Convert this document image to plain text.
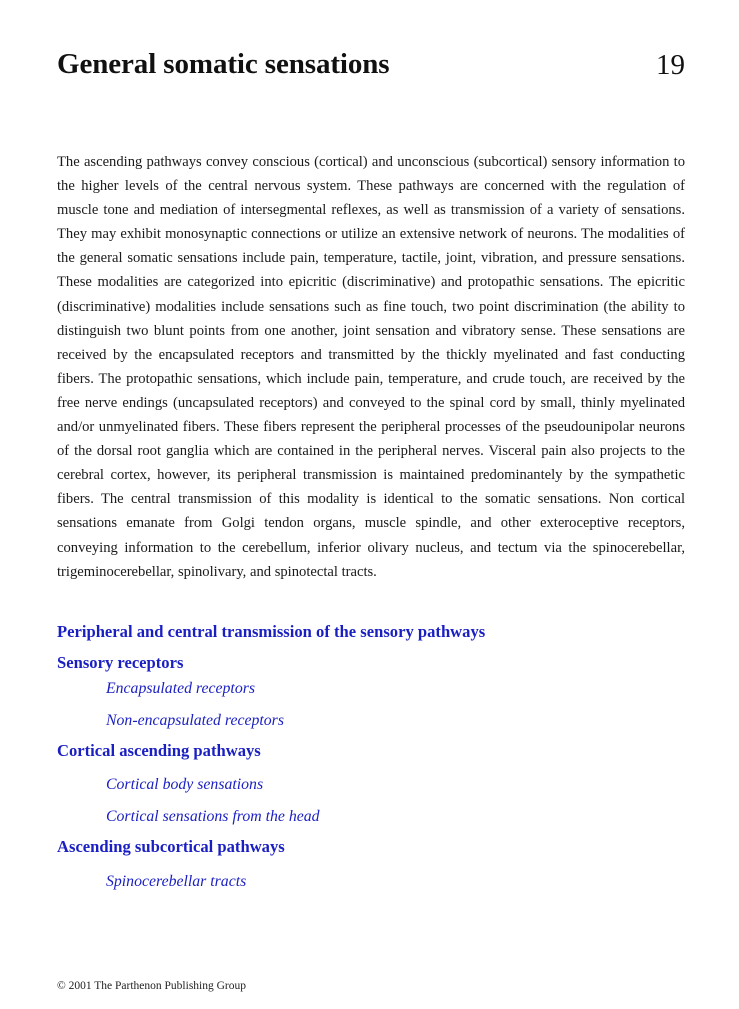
General somatic sensations	19

The ascending pathways convey conscious (cortical) and unconscious (subcortical) sensory information to the higher levels of the central nervous system. These pathways are concerned with the regulation of muscle tone and mediation of intersegmental reflexes, as well as transmission of a variety of sensations. They may exhibit monosynaptic connections or utilize an extensive network of neurons. The modalities of the general somatic sensations include pain, temperature, tactile, joint, vibration, and pressure sensations. These modalities are categorized into epicritic (discriminative) and protopathic sensations. The epicritic (discriminative) modalities include sensations such as fine touch, two point discrimination (the ability to distinguish two blunt points from one another, joint sensation and vibratory sense. These sensations are received by the encapsulated receptors and transmitted by the thickly myelinated and fast conducting fibers. The protopathic sensations, which include pain, temperature, and crude touch, are received by the free nerve endings (uncapsulated receptors) and conveyed to the spinal cord by small, thinly myelinated and/or unmyelinated fibers. These fibers represent the peripheral processes of the pseudounipolar neurons of the dorsal root ganglia which are contained in the peripheral nerves. Visceral pain also projects to the cerebral cortex, however, its peripheral transmission is maintained predominantely by the sympathetic fibers. The central transmission of this modality is identical to the somatic sensations. Non cortical sensations emanate from Golgi tendon organs, muscle spindle, and other exteroceptive receptors, conveying information to the cerebellum, inferior olivary nucleus, and tectum via the spinocerebellar, trigeminocerebellar, spinolivary, and spinotectal tracts.

Peripheral and central transmission of the sensory pathways
Sensory receptors
Encapsulated receptors
Non-encapsulated receptors
Cortical ascending pathways
Cortical body sensations
Cortical sensations from the head
Ascending subcortical pathways
Spinocerebellar tracts
© 2001 The Parthenon Publishing Group
